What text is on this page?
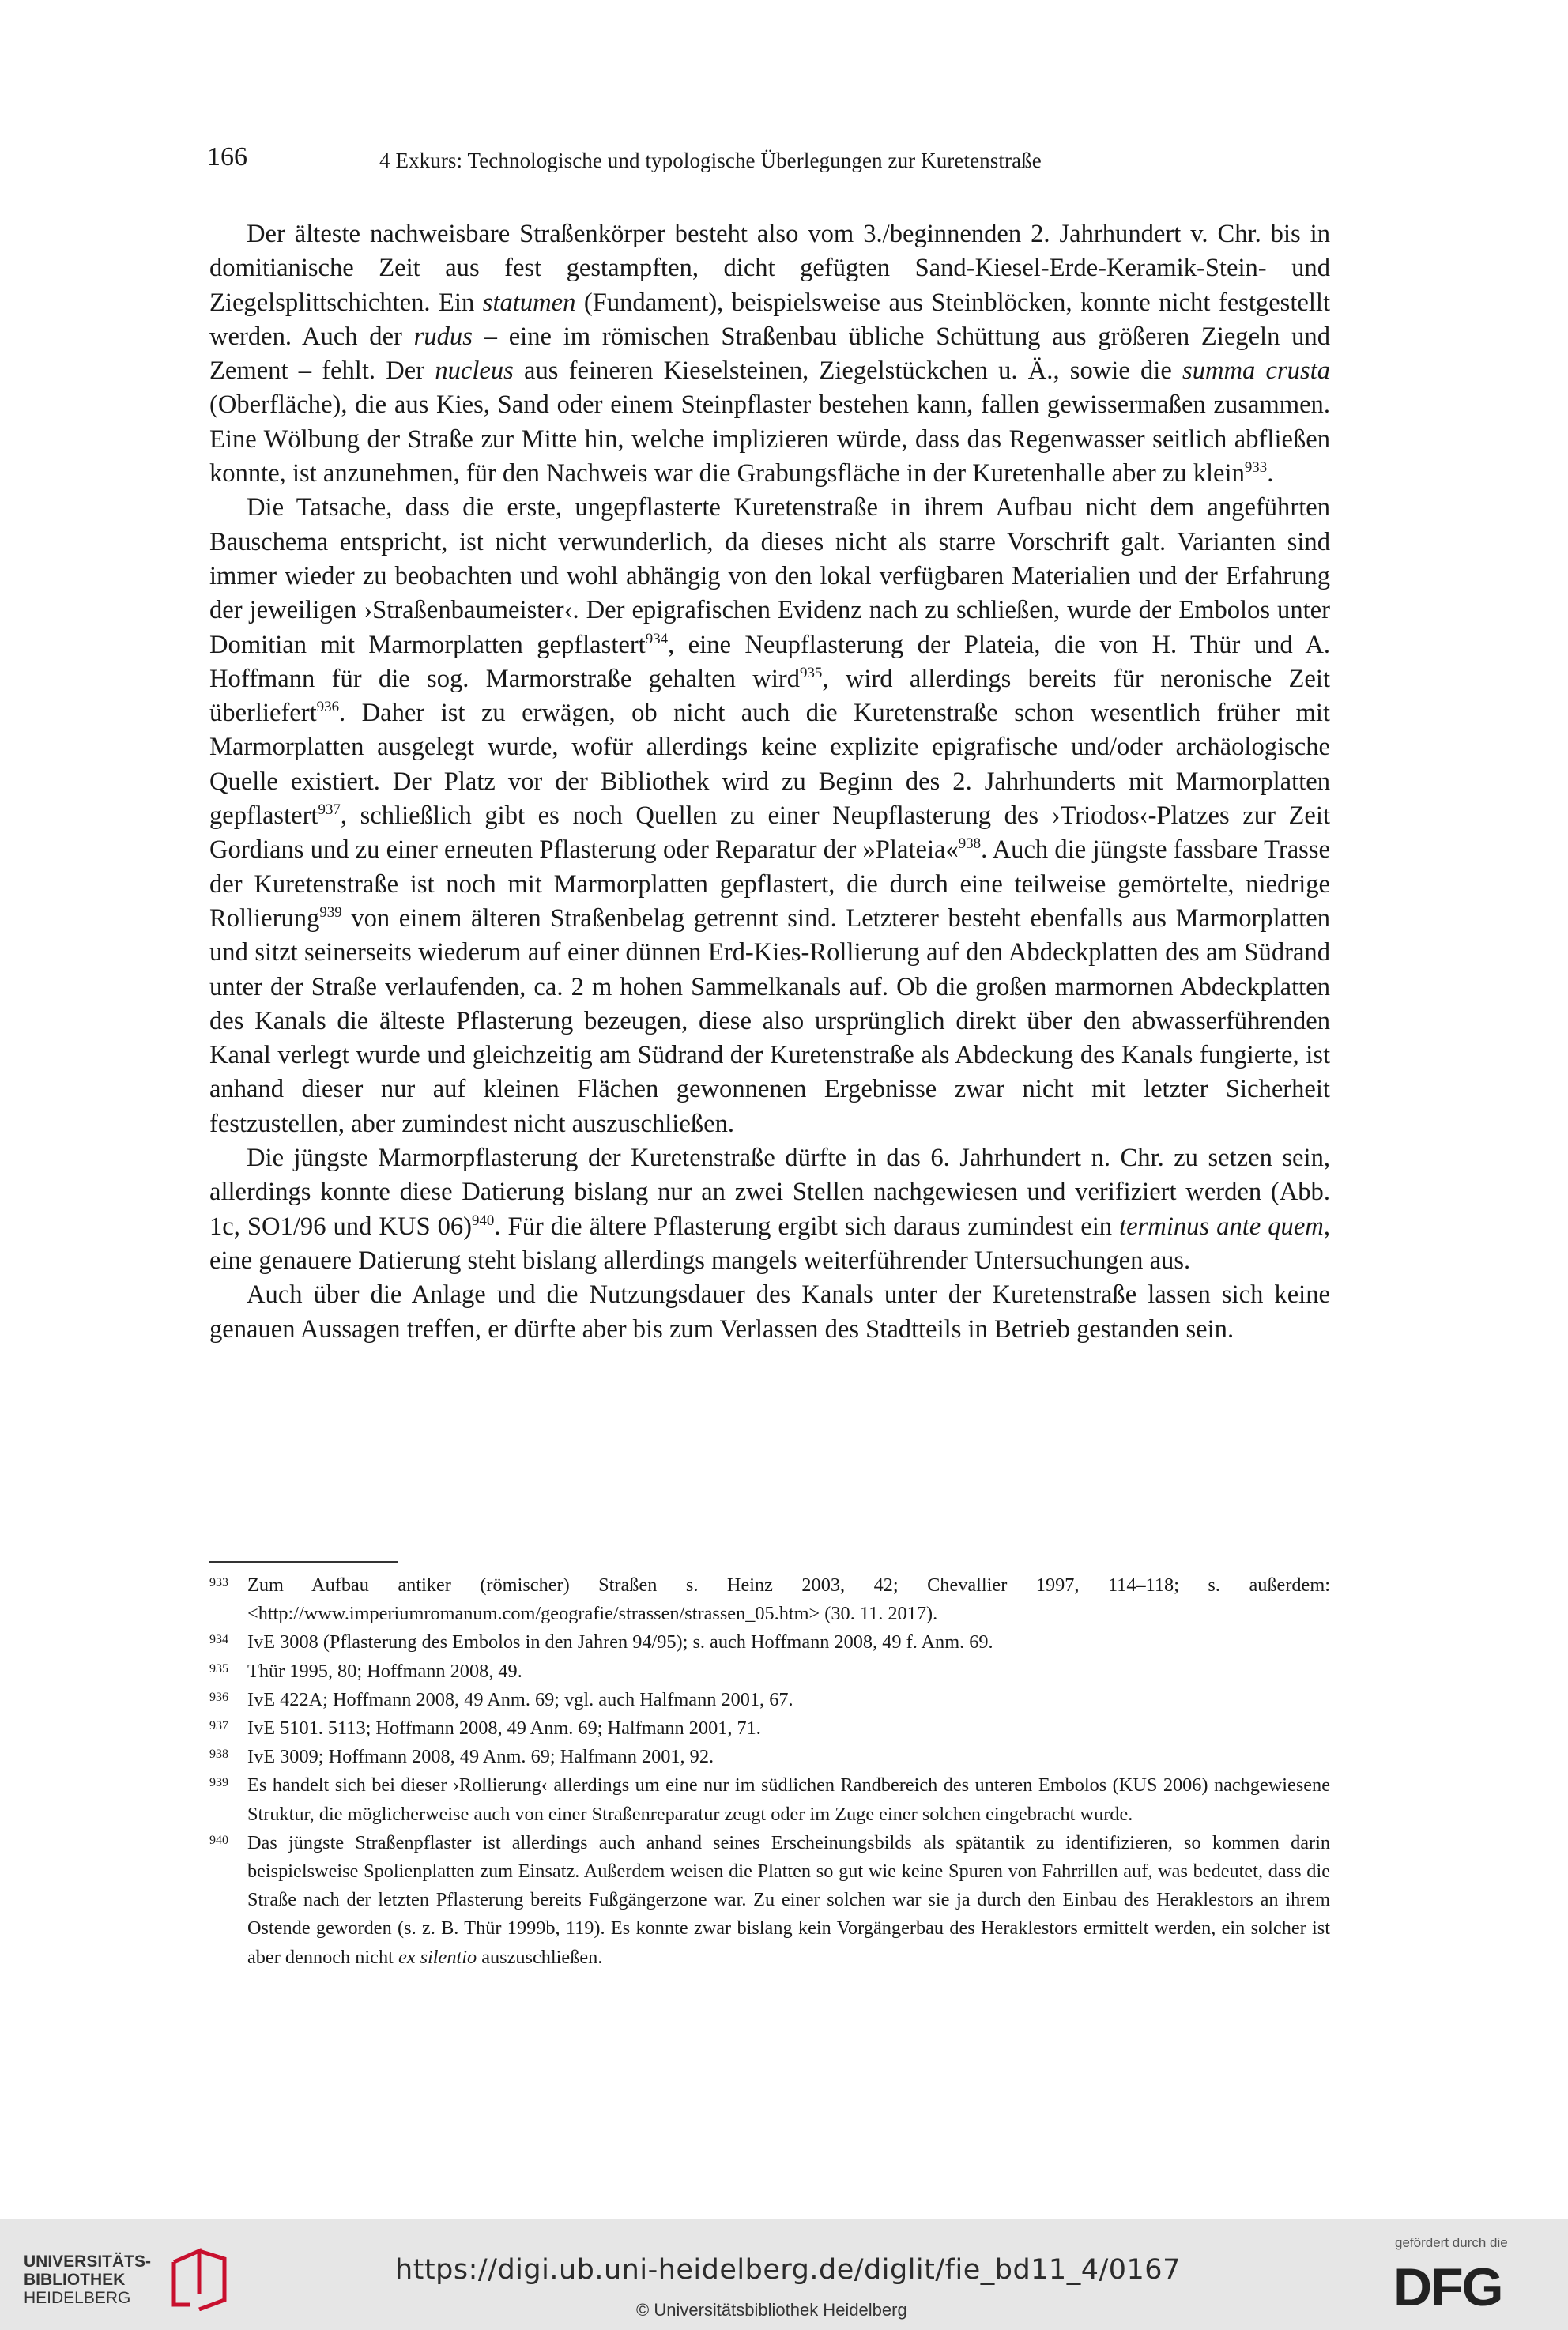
166	4 Exkurs: Technologische und typologische Überlegungen zur Kuretenstraße

Der älteste nachweisbare Straßenkörper besteht also vom 3./beginnenden 2. Jahrhundert v. Chr. bis in domitianische Zeit aus fest gestampften, dicht gefügten Sand-Kiesel-Erde-Keramik-Stein- und Ziegelsplittschichten. Ein statumen (Fundament), beispielsweise aus Steinblöcken, konnte nicht festgestellt werden. Auch der rudus – eine im römischen Straßenbau übliche Schüttung aus größeren Ziegeln und Zement – fehlt. Der nucleus aus feineren Kieselsteinen, Ziegelstückchen u. Ä., sowie die summa crusta (Oberfläche), die aus Kies, Sand oder einem Steinpflaster bestehen kann, fallen gewissermaßen zusammen. Eine Wölbung der Straße zur Mitte hin, welche implizieren würde, dass das Regenwasser seitlich abfließen konnte, ist anzunehmen, für den Nachweis war die Grabungsfläche in der Kuretenhalle aber zu klein$^{933}$.

Die Tatsache, dass die erste, ungepflasterte Kuretenstraße in ihrem Aufbau nicht dem angeführten Bauschema entspricht, ist nicht verwunderlich, da dieses nicht als starre Vorschrift galt. Varianten sind immer wieder zu beobachten und wohl abhängig von den lokal verfügbaren Materialien und der Erfahrung der jeweiligen ›Straßenbaumeister‹. Der epigrafischen Evidenz nach zu schließen, wurde der Embolos unter Domitian mit Marmorplatten gepflastert$^{934}$, eine Neupflasterung der Plateia, die von H. Thür und A. Hoffmann für die sog. Marmorstraße gehalten wird$^{935}$, wird allerdings bereits für neronische Zeit überliefert$^{936}$. Daher ist zu erwägen, ob nicht auch die Kuretenstraße schon wesentlich früher mit Marmorplatten ausgelegt wurde, wofür allerdings keine explizite epigrafische und/oder archäologische Quelle existiert. Der Platz vor der Bibliothek wird zu Beginn des 2. Jahrhunderts mit Marmorplatten gepflastert$^{937}$, schließlich gibt es noch Quellen zu einer Neupflasterung des ›Triodos‹-Platzes zur Zeit Gordians und zu einer erneuten Pflasterung oder Reparatur der »Plateia«$^{938}$. Auch die jüngste fassbare Trasse der Kuretenstraße ist noch mit Marmorplatten gepflastert, die durch eine teilweise gemörtelte, niedrige Rollierung$^{939}$ von einem älteren Straßenbelag getrennt sind. Letzterer besteht ebenfalls aus Marmorplatten und sitzt seinerseits wiederum auf einer dünnen Erd-Kies-Rollierung auf den Abdeckplatten des am Südrand unter der Straße verlaufenden, ca. 2 m hohen Sammelkanals auf. Ob die großen marmornen Abdeckplatten des Kanals die älteste Pflasterung bezeugen, diese also ursprünglich direkt über den abwasserführenden Kanal verlegt wurde und gleichzeitig am Südrand der Kuretenstraße als Abdeckung des Kanals fungierte, ist anhand dieser nur auf kleinen Flächen gewonnenen Ergebnisse zwar nicht mit letzter Sicherheit festzustellen, aber zumindest nicht auszuschließen.

Die jüngste Marmorpflasterung der Kuretenstraße dürfte in das 6. Jahrhundert n. Chr. zu setzen sein, allerdings konnte diese Datierung bislang nur an zwei Stellen nachgewiesen und verifiziert werden (Abb. 1c, SO1/96 und KUS 06)$^{940}$. Für die ältere Pflasterung ergibt sich daraus zumindest ein terminus ante quem, eine genauere Datierung steht bislang allerdings mangels weiterführender Untersuchungen aus.

Auch über die Anlage und die Nutzungsdauer des Kanals unter der Kuretenstraße lassen sich keine genauen Aussagen treffen, er dürfte aber bis zum Verlassen des Stadtteils in Betrieb gestanden sein.

933 Zum Aufbau antiker (römischer) Straßen s. Heinz 2003, 42; Chevallier 1997, 114–118; s. außerdem: <http://www.imperiumromanum.com/geografie/strassen/strassen_05.htm> (30. 11. 2017).
934 IvE 3008 (Pflasterung des Embolos in den Jahren 94/95); s. auch Hoffmann 2008, 49 f. Anm. 69.
935 Thür 1995, 80; Hoffmann 2008, 49.
936 IvE 422A; Hoffmann 2008, 49 Anm. 69; vgl. auch Halfmann 2001, 67.
937 IvE 5101. 5113; Hoffmann 2008, 49 Anm. 69; Halfmann 2001, 71.
938 IvE 3009; Hoffmann 2008, 49 Anm. 69; Halfmann 2001, 92.
939 Es handelt sich bei dieser ›Rollierung‹ allerdings um eine nur im südlichen Randbereich des unteren Embolos (KUS 2006) nachgewiesene Struktur, die möglicherweise auch von einer Straßenreparatur zeugt oder im Zuge einer solchen eingebracht wurde.
940 Das jüngste Straßenpflaster ist allerdings auch anhand seines Erscheinungsbilds als spätantik zu identifizieren, so kommen darin beispielsweise Spolienplatten zum Einsatz. Außerdem weisen die Platten so gut wie keine Spuren von Fahrrillen auf, was bedeutet, dass die Straße nach der letzten Pflasterung bereits Fußgängerzone war. Zu einer solchen war sie ja durch den Einbau des Heraklestors an ihrem Ostende geworden (s. z. B. Thür 1999b, 119). Es konnte zwar bislang kein Vorgängerbau des Heraklestors ermittelt werden, ein solcher ist aber dennoch nicht ex silentio auszuschließen.
UNIVERSITÄTS-
BIBLIOTHEK
HEIDELBERG
https://digi.ub.uni-heidelberg.de/diglit/fie_bd11_4/0167
© Universitätsbibliothek Heidelberg
gefördert durch die
DFG
